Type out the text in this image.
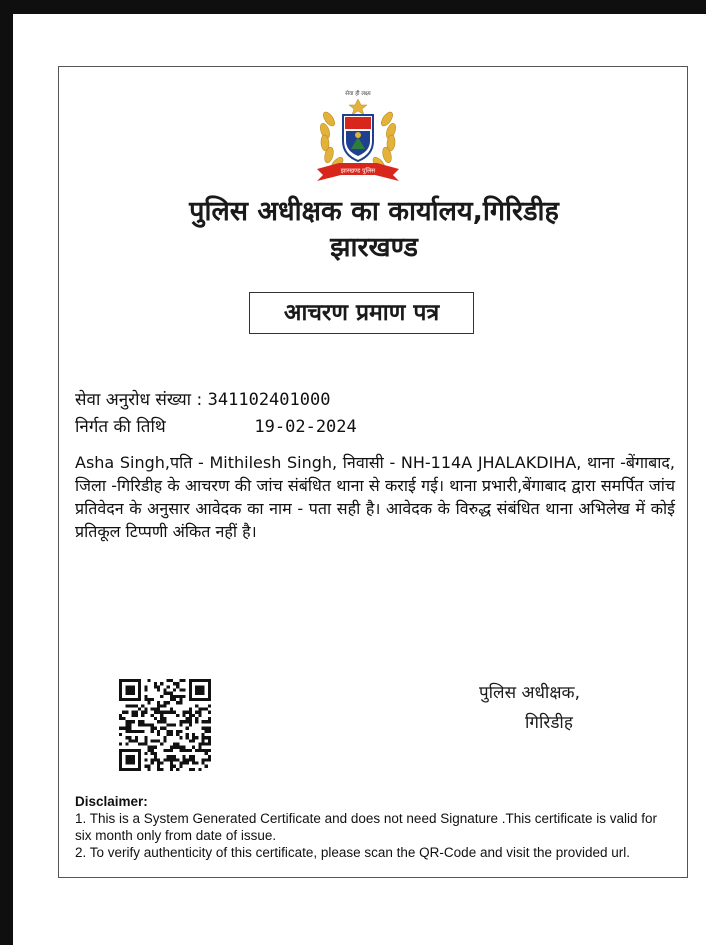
सेवा ही लक्ष्य
झारखण्ड पुलिस
पुलिस अधीक्षक का कार्यालय,गिरिडीह
झारखण्ड
आचरण प्रमाण पत्र
सेवा अनुरोध संख्या : 341102401000
निर्गत की तिथि	19-02-2024
Asha Singh,पति - Mithilesh Singh, निवासी - NH-114A JHALAKDIHA, थाना -बेंगाबाद, जिला -गिरिडीह के आचरण की जांच संबंधित थाना से कराई गई। थाना प्रभारी,बेंगाबाद द्वारा समर्पित जांच प्रतिवेदन के अनुसार आवेदक का नाम - पता सही है। आवेदक के विरुद्ध संबंधित थाना अभिलेख में कोई प्रतिकूल टिप्पणी अंकित नहीं है।
पुलिस अधीक्षक,
गिरिडीह
Disclaimer:
1. This is a System Generated Certificate and does not need Signature .This certificate is valid for six month only from date of issue.
2. To verify authenticity of this certificate, please scan the QR-Code and visit the provided url.
